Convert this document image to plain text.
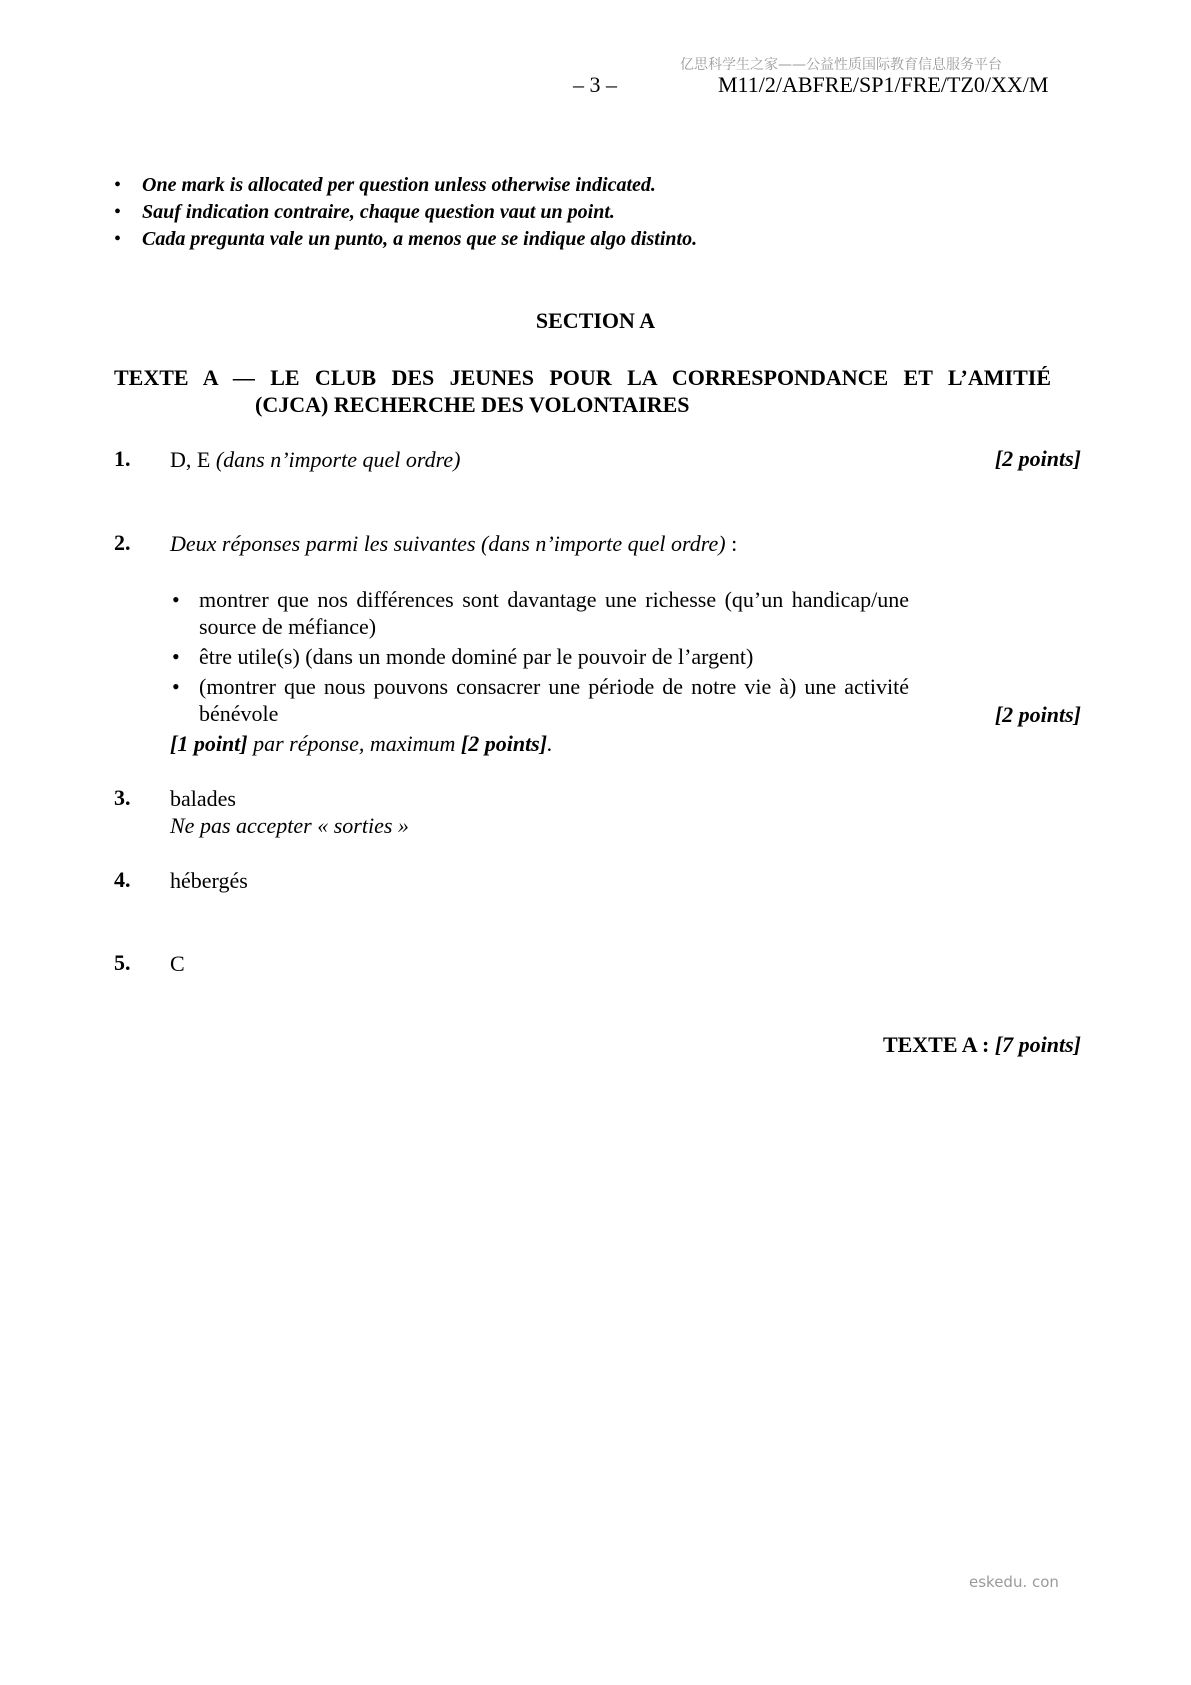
亿思科学生之家——公益性质国际教育信息服务平台
– 3 –	M11/2/ABFRE/SP1/FRE/TZ0/XX/M
• One mark is allocated per question unless otherwise indicated.
• Sauf indication contraire, chaque question vaut un point.
• Cada pregunta vale un punto, a menos que se indique algo distinto.
SECTION A
TEXTE A — LE CLUB DES JEUNES POUR LA CORRESPONDANCE ET L’AMITIÉ
(CJCA) RECHERCHE DES VOLONTAIRES
1. D, E (dans n’importe quel ordre)	[2 points]
2. Deux réponses parmi les suivantes (dans n’importe quel ordre) :
• montrer que nos différences sont davantage une richesse (qu’un handicap/une source de méfiance)
• être utile(s) (dans un monde dominé par le pouvoir de l’argent)
• (montrer que nous pouvons consacrer une période de notre vie à) une activité bénévole	[2 points]
[1 point] par réponse, maximum [2 points].
3. balades
Ne pas accepter « sorties »
4. hébergés
5. C
TEXTE A : [7 points]
eskedu. con
